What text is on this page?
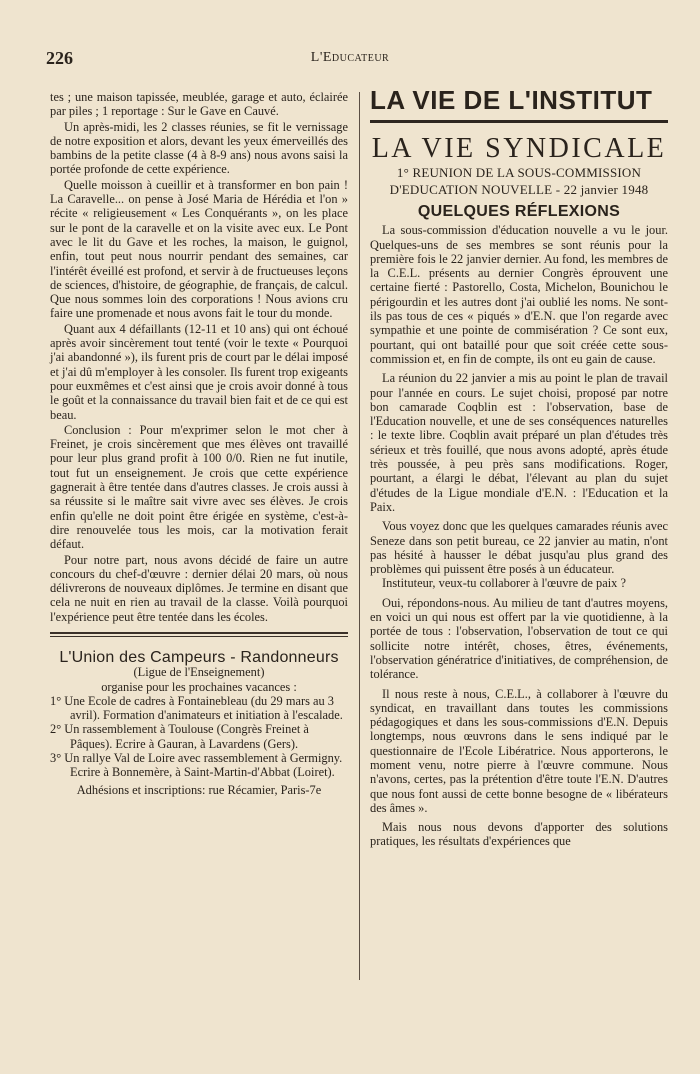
226	L'Educateur

tes ; une maison tapissée, meublée, garage et auto, éclairée par piles ; 1 reportage : Sur le Gave en Cauvé.

Un après-midi, les 2 classes réunies, se fit le vernissage de notre exposition et alors, devant les yeux émerveillés des bambins de la petite classe (4 à 8-9 ans) nous avons saisi la portée profonde de cette expérience.

Quelle moisson à cueillir et à transformer en bon pain ! La Caravelle... on pense à José Maria de Hérédia et l'on » récite « religieusement « Les Conquérants », on les place sur le pont de la caravelle et on la visite avec eux. Le Pont avec le lit du Gave et les roches, la maison, le guignol, enfin, tout peut nous nourrir pendant des semaines, car l'intérêt éveillé est profond, et servir à de fructueuses leçons de sciences, d'histoire, de géographie, de français, de calcul. Que nous sommes loin des corporations ! Nous avions cru faire une promenade et nous avons fait le tour du monde.

Quant aux 4 défaillants (12-11 et 10 ans) qui ont échoué après avoir sincèrement tout tenté (voir le texte « Pourquoi j'ai abandonné »), ils furent pris de court par le délai imposé et j'ai dû m'employer à les consoler. Ils furent trop exigeants pour euxmêmes et c'est ainsi que je crois avoir donné à tous le goût et la connaissance du travail bien fait et de ce qui est beau.

Conclusion : Pour m'exprimer selon le mot cher à Freinet, je crois sincèrement que mes élèves ont travaillé pour leur plus grand profit à 100 0/0. Rien ne fut inutile, tout fut un enseignement. Je crois que cette expérience gagnerait à être tentée dans d'autres classes. Je crois aussi à sa réussite si le maître sait vivre avec ses élèves. Je crois enfin qu'elle ne doit point être érigée en système, c'est-à-dire renouvelée tous les mois, car la motivation ferait défaut.

Pour notre part, nous avons décidé de faire un autre concours du chef-d'œuvre : dernier délai 20 mars, où nous délivrerons de nouveaux diplômes. Je termine en disant que cela ne nuit en rien au travail de la classe. Voilà pourquoi l'expérience peut être tentée dans les écoles.

L'Union des Campeurs - Randonneurs

(Ligue de l'Enseignement)

organise pour les prochaines vacances :

1° Une Ecole de cadres à Fontainebleau (du 29 mars au 3 avril). Formation d'animateurs et initiation à l'escalade.

2° Un rassemblement à Toulouse (Congrès Freinet à Pâques). Ecrire à Gauran, à Lavardens (Gers).

3° Un rallye Val de Loire avec rassemblement à Germigny. Ecrire à Bonnemère, à Saint-Martin-d'Abbat (Loiret).

Adhésions et inscriptions: rue Récamier, Paris-7e

LA VIE DE L'INSTITUT
LA VIE SYNDICALE
1° REUNION DE LA SOUS-COMMISSION
D'EDUCATION NOUVELLE - 22 janvier 1948
QUELQUES RÉFLEXIONS

La sous-commission d'éducation nouvelle a vu le jour. Quelques-uns de ses membres se sont réunis pour la première fois le 22 janvier dernier. Au fond, les membres de la C.E.L. présents au dernier Congrès éprouvent une certaine fierté : Pastorello, Costa, Michelon, Bounichou le périgourdin et les autres dont j'ai oublié les noms. Ne sont-ils pas tous de ces « piqués » d'E.N. que l'on regarde avec sympathie et une pointe de commisération ? Ce sont eux, pourtant, qui ont bataillé pour que soit créée cette sous-commission et, en fin de compte, ils ont eu gain de cause.

La réunion du 22 janvier a mis au point le plan de travail pour l'année en cours. Le sujet choisi, proposé par notre bon camarade Coqblin est : l'observation, base de l'Education nouvelle, et une de ses conséquences naturelles : le texte libre. Coqblin avait préparé un plan d'études très sérieux et très fouillé, que nous avons adopté, après étude très poussée, à peu près sans modifications. Roger, pourtant, a élargi le débat, l'élevant au plan du sujet d'études de la Ligue mondiale d'E.N. : l'Education et la Paix.

Vous voyez donc que les quelques camarades réunis avec Seneze dans son petit bureau, ce 22 janvier au matin, n'ont pas hésité à hausser le débat jusqu'au plus grand des problèmes qui puissent être posés à un éducateur.

Instituteur, veux-tu collaborer à l'œuvre de paix ?

Oui, répondons-nous. Au milieu de tant d'autres moyens, en voici un qui nous est offert par la vie quotidienne, à la portée de tous : l'observation, l'observation de tout ce qui sollicite notre intérêt, choses, êtres, événements, l'observation génératrice d'initiatives, de compréhension, de tolérance.

Il nous reste à nous, C.E.L., à collaborer à l'œuvre du syndicat, en travaillant dans toutes les commissions pédagogiques et dans les sous-commissions d'E.N. Depuis longtemps, nous œuvrons dans le sens indiqué par le questionnaire de l'Ecole Libératrice. Nous apporterons, le moment venu, notre pierre à l'œuvre commune. Nous n'avons, certes, pas la prétention d'être toute l'E.N. D'autres que nous font aussi de cette bonne besogne de « libérateurs des âmes ».

Mais nous nous devons d'apporter des solutions pratiques, les résultats d'expériences que
